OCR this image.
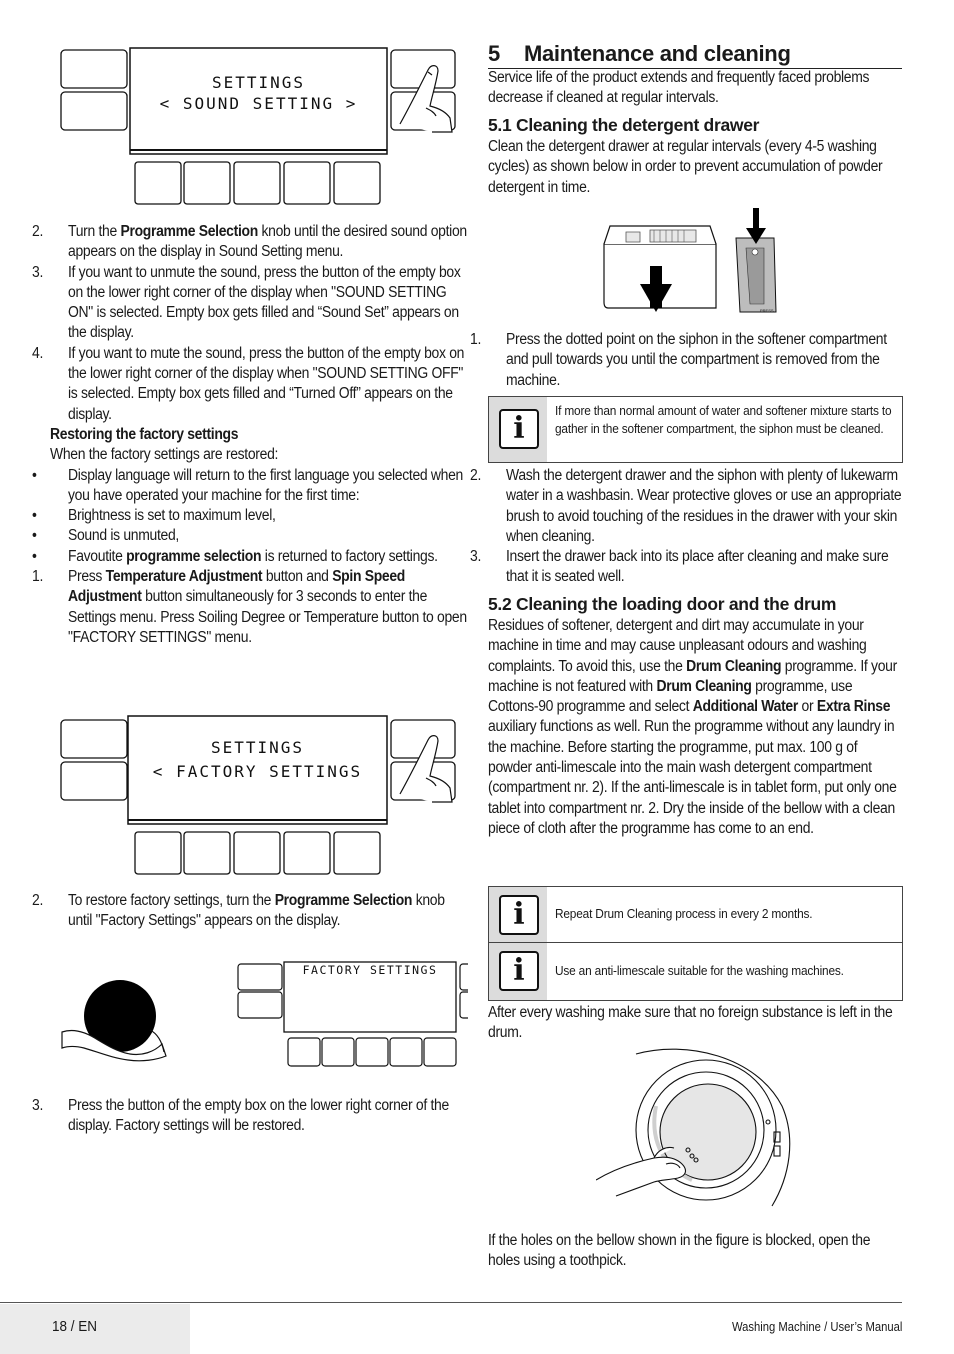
SETTINGS
< SOUND SETTING >
2. Turn the Programme Selection knob until the desired sound option appears on the display in Sound Setting menu.
3. If you want to unmute the sound, press the button of the empty box on the lower right corner of the display when "SOUND SETTING ON" is selected. Empty box gets filled and “Sound Set” appears on the display.
4. If you want to mute the sound, press the button of the empty box on the lower right corner of the display when "SOUND SETTING OFF" is selected. Empty box gets filled and “Turned Off” appears on the display.
Restoring the factory settings
When the factory settings are restored:
• Display language will return to the first language you selected when you have operated your machine for the first time:
• Brightness is set to maximum level,
• Sound is unmuted,
• Favoutite programme selection is returned to factory settings.
1. Press Temperature Adjustment button and Spin Speed Adjustment button simultaneously for 3 seconds to enter the Settings menu. Press Soiling Degree or Temperature button to open "FACTORY SETTINGS" menu.
SETTINGS
< FACTORY SETTINGS
2. To restore factory settings, turn the Programme Selection knob until "Factory Settings" appears on the display.
FACTORY SETTINGS
3. Press the button of the empty box on the lower right corner of the display. Factory settings will be restored.
5 Maintenance and cleaning
Service life of the product extends and frequently faced problems decrease if cleaned at regular intervals.
5.1 Cleaning the detergent drawer
Clean the detergent drawer at regular intervals (every 4-5 washing cycles) as shown below in order to prevent accumulation of powder detergent in time.
PRESS
1. Press the dotted point on the siphon in the softener compartment and pull towards you until the compartment is removed from the machine.
i
If more than normal amount of water and softener mixture starts to gather in the softener compartment, the siphon must be cleaned.
2. Wash the detergent drawer and the siphon with plenty of lukewarm water in a washbasin. Wear protective gloves or use an appropriate brush to avoid touching of the residues in the drawer with your skin when cleaning.
3. Insert the drawer back into its place after cleaning and make sure that it is seated well.
5.2 Cleaning the loading door and the drum
Residues of softener, detergent and dirt may accumulate in your machine in time and may cause unpleasant odours and washing complaints. To avoid this, use the Drum Cleaning programme. If your machine is not featured with Drum Cleaning programme, use Cottons-90 programme and select Additional Water or Extra Rinse auxiliary functions as well. Run the programme without any laundry in the machine. Before starting the programme, put max. 100 g of powder anti-limescale into the main wash detergent compartment (compartment nr. 2). If the anti-limescale is in tablet form, put only one tablet into compartment nr. 2. Dry the inside of the bellow with a clean piece of cloth after the programme has come to an end.
i	Repeat Drum Cleaning process in every 2 months.
i	Use an anti-limescale suitable for the washing machines.
After every washing make sure that no foreign substance is left in the drum.
If the holes on the bellow shown in the figure is blocked, open the holes using a toothpick.
18 / EN	Washing Machine / User’s Manual
